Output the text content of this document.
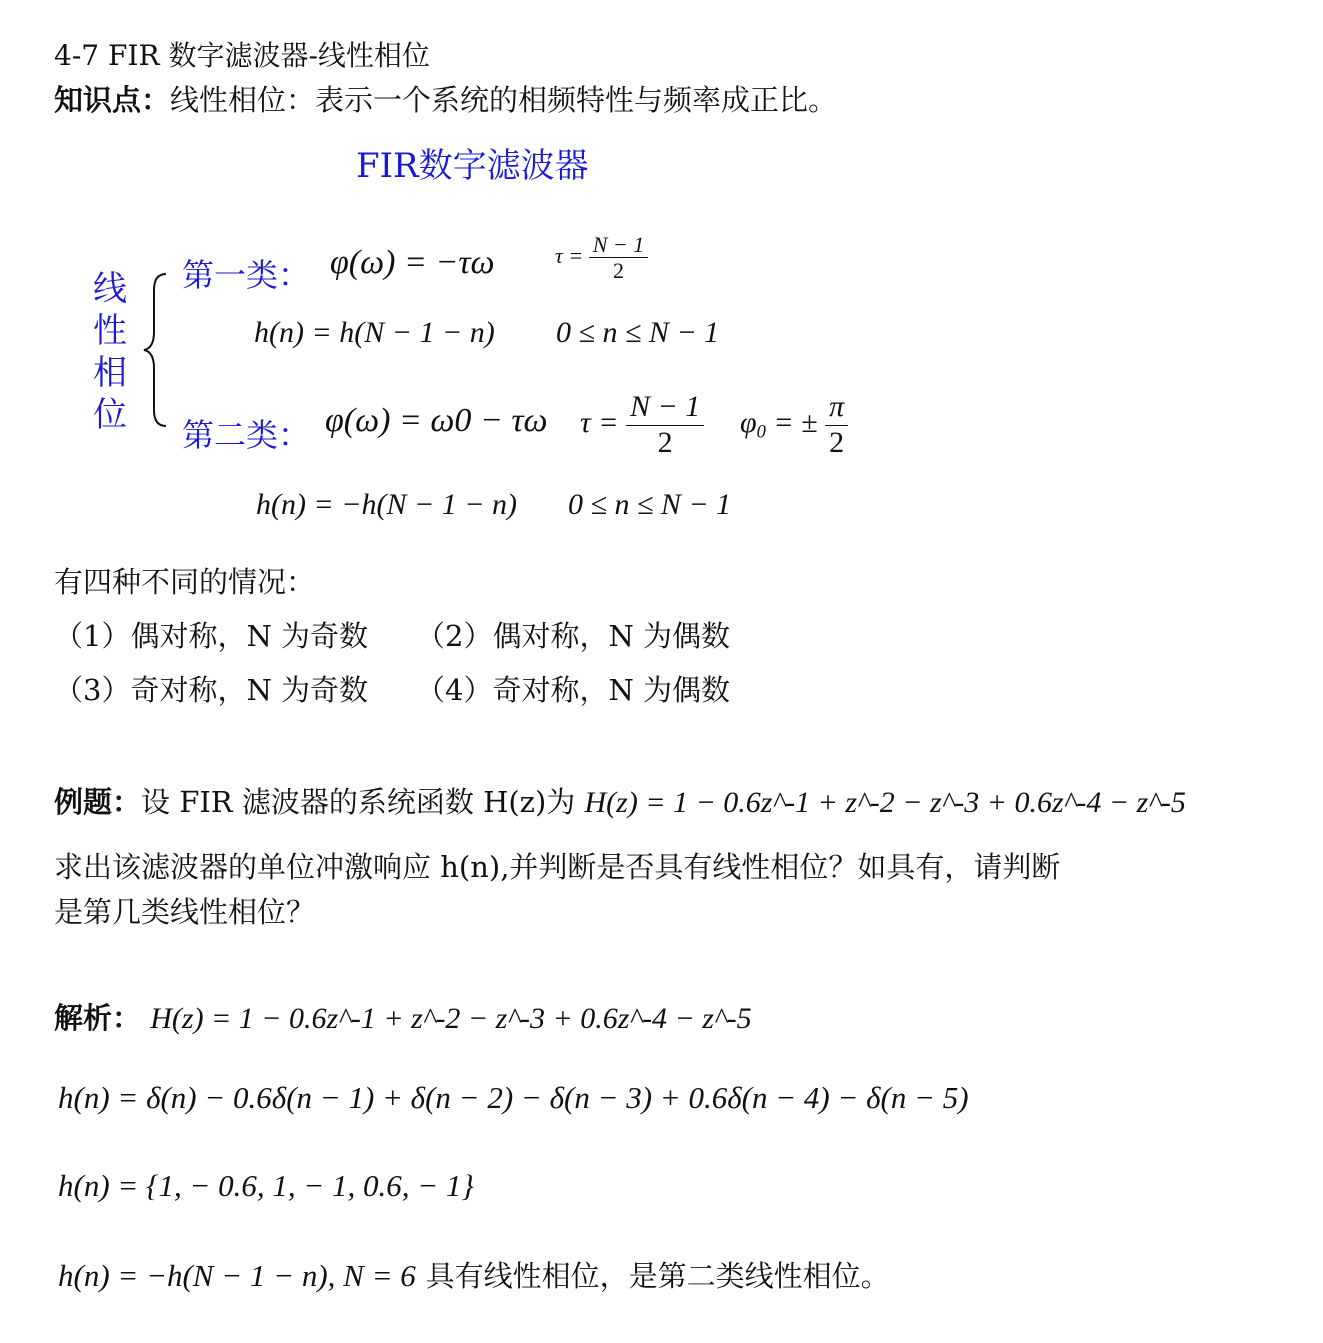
4-7 FIR 数字滤波器-线性相位
知识点：线性相位：表示一个系统的相频特性与频率成正比。
FIR数字滤波器
线
性
相
位
第一类： φ(ω) = −τω	$\tau = \frac{N - 1}{2}$
h(n) = h(N − 1 − n) 0 ≤ n ≤ N − 1
第二类： φ(ω) = ω0 − τω $\tau = \frac{N - 1}{2} \varphi_0$ = ± $\frac{\pi}{2}$
h(n) = −h(N − 1 − n) 0 ≤ n ≤ N − 1
有四种不同的情况：
（1）偶对称，N 为奇数 （2）偶对称，N 为偶数
（3）奇对称，N 为奇数 （4）奇对称，N 为偶数
例题：设 FIR 滤波器的系统函数 H(z)为 H(z) = 1 − 0.6z^-1 + z^-2 − z^-3 + 0.6z^-4 − z^-5
求出该滤波器的单位冲激响应 h(n),并判断是否具有线性相位？如具有，请判断
是第几类线性相位？
解析： H(z) = 1 − 0.6z^-1 + z^-2 − z^-3 + 0.6z^-4 − z^-5
h(n) = δ(n) − 0.6δ(n − 1) + δ(n − 2) − δ(n − 3) + 0.6δ(n − 4) − δ(n − 5)
h(n) = {1, − 0.6, 1, − 1, 0.6, − 1}
h(n) = −h(N − 1 − n), N = 6 具有线性相位，是第二类线性相位。
